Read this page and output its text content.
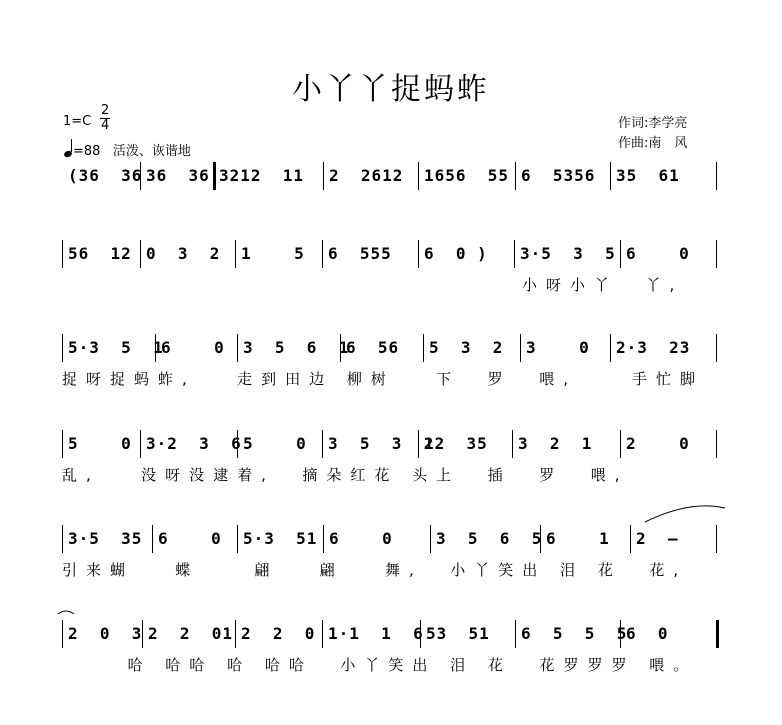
小丫丫捉蚂蚱
$1=C \frac{2}{4}$
=88 活泼、诙谐地
作词:李学亮
作曲:南　风
(36  36 36  36 3212  11 2  2612 1656  55 6  5356 35  61
56  12 0  3  2 1    5 6  555 6  0 ) 3·5  3  5 6    0
小呀小丫  丫,
5·3  5  1
6    0 3  5  6  1
6  56 5  3  2 3    0 2·3  23
捉呀捉蚂蚱,   走到田边 柳树   下  罗  喂,    手忙脚
5    0 3·2  3  6 5    0 3  5  3  2
12  35 3  2  1 2    0
乱,   没呀没逮着,  摘朵红花 头上  插  罗  喂,
3·5  35 6    0 5·3  51 6    0	3  5  6  5 6    1 2  –
引来蝴   蝶    翩   翩   舞,  小丫笑出 泪 花  花,
2  0  3 2  2  01 2  2  0 1·1  1  6 53  51 6  5  5  5
6  0
哈 哈哈 哈 哈哈  小丫笑出 泪 花  花罗罗罗 喂。
